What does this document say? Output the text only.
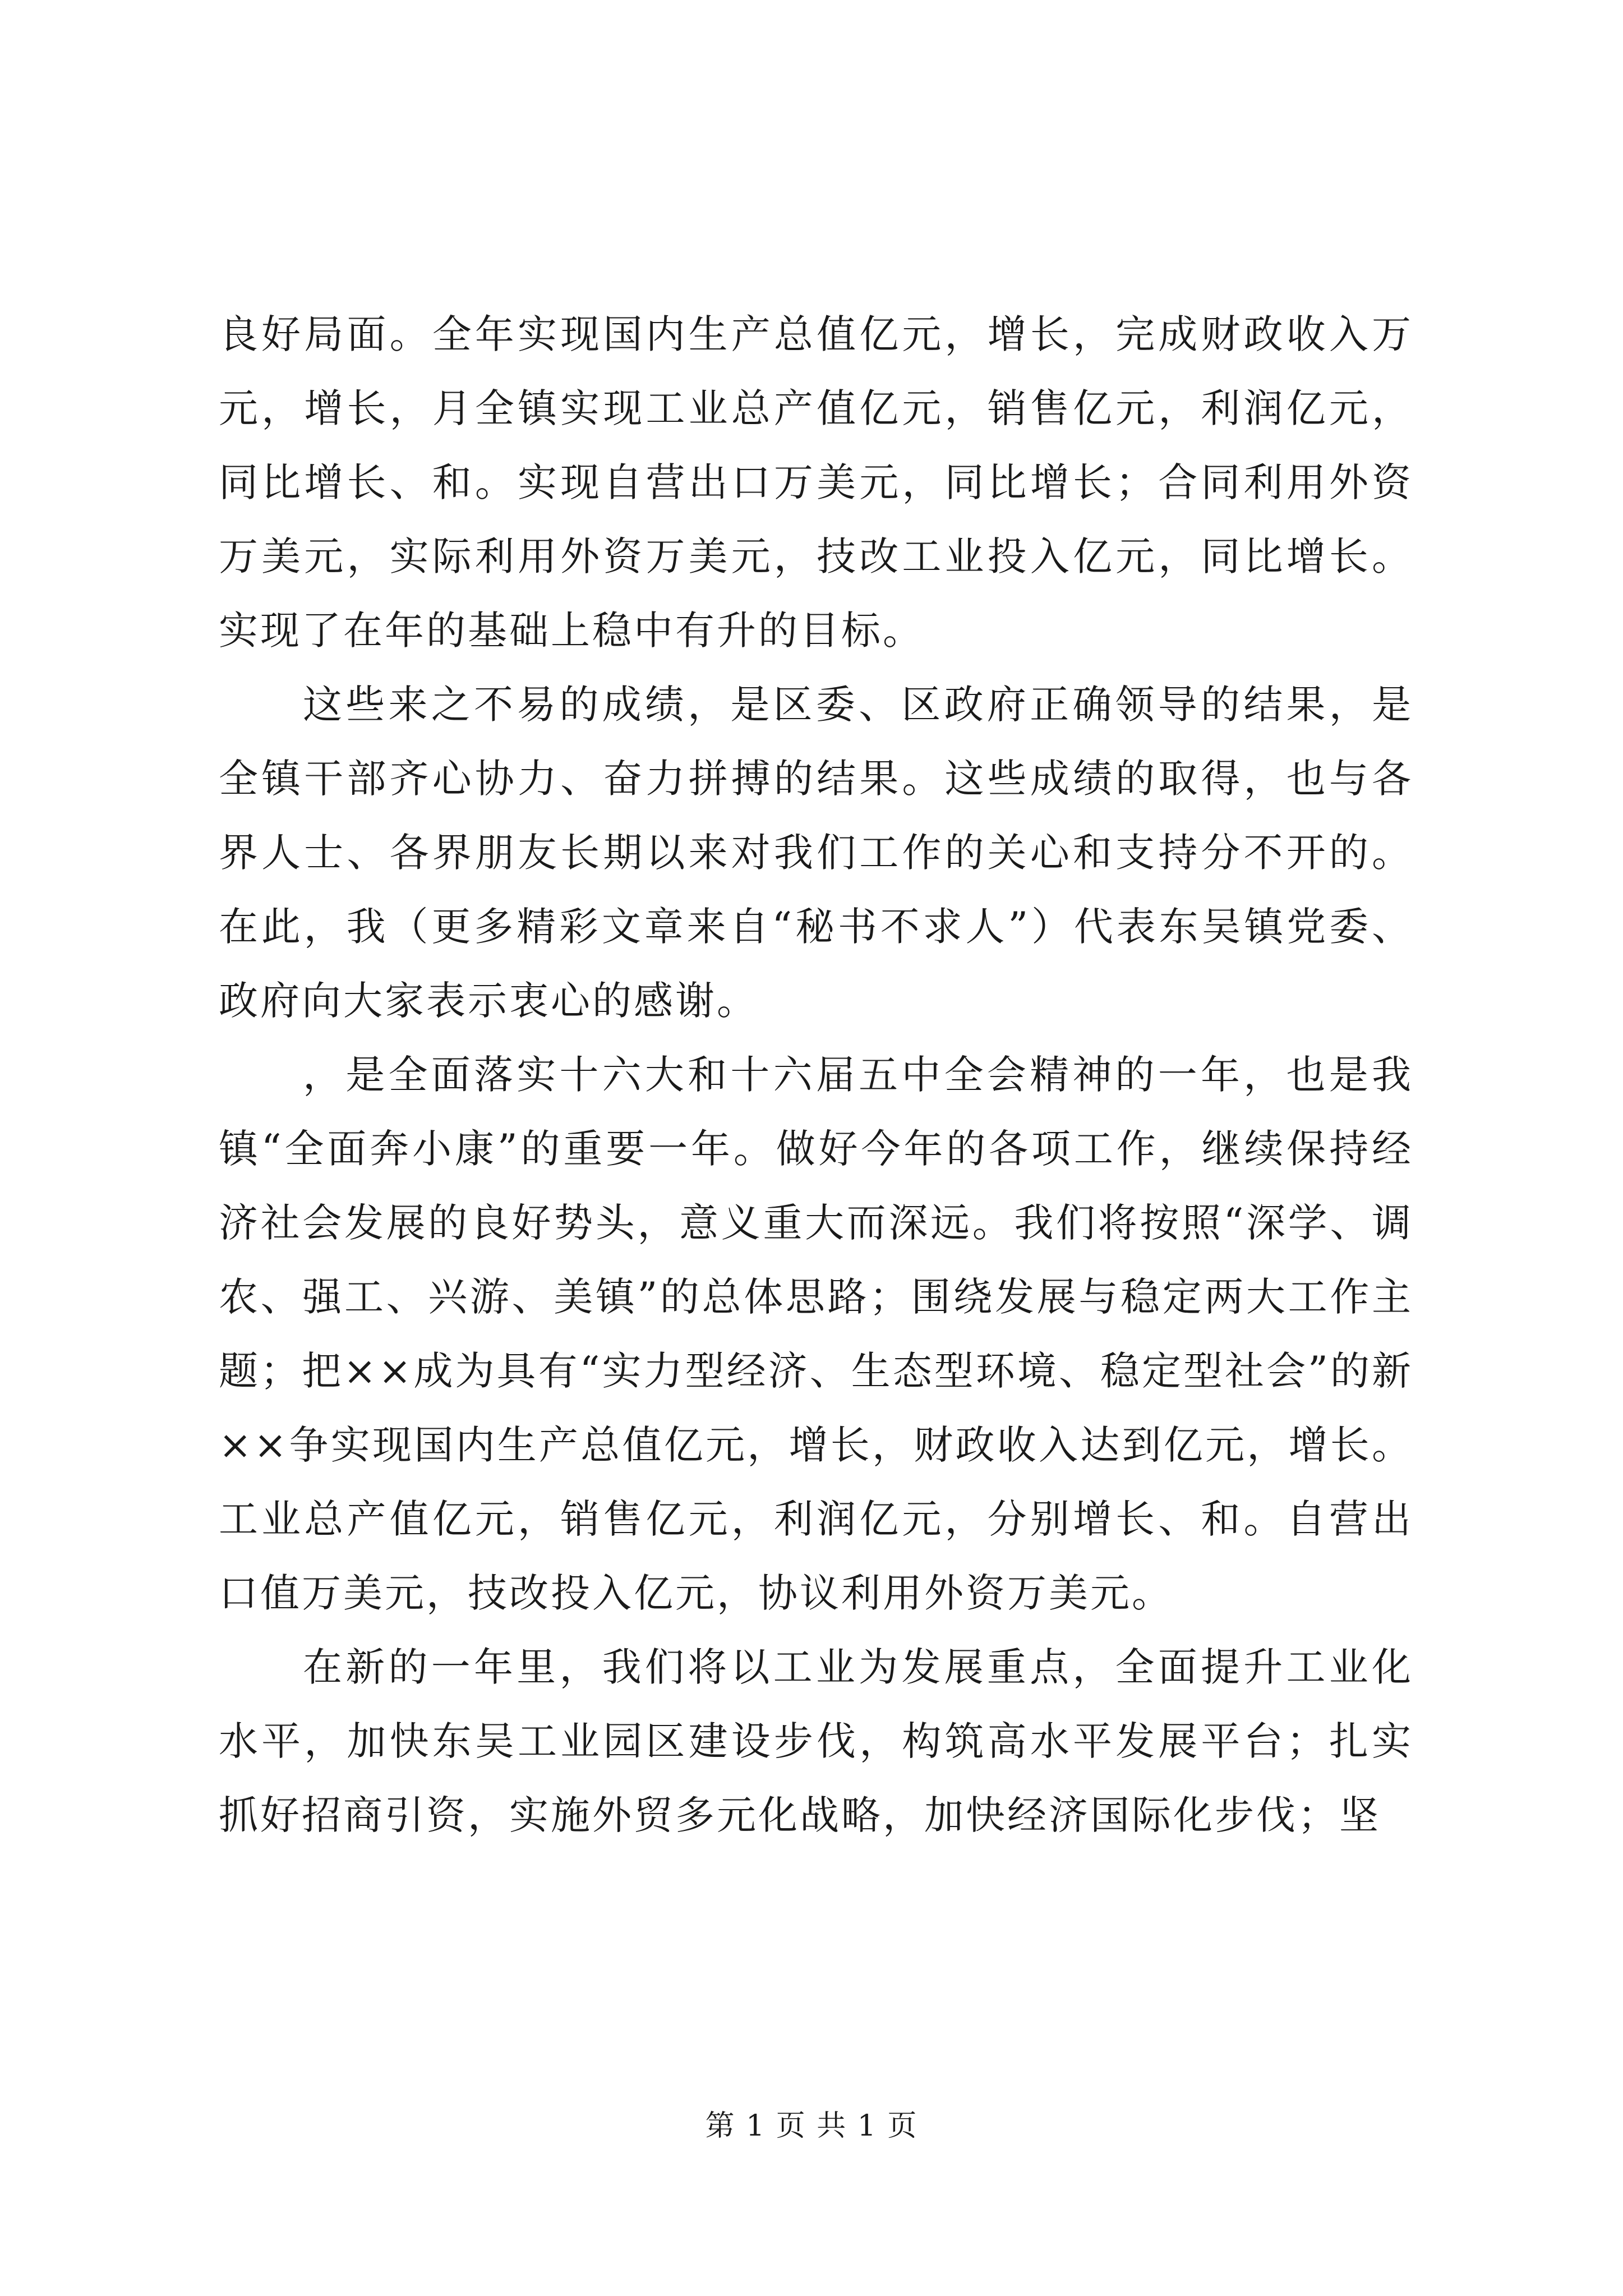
良好局面。全年实现国内生产总值亿元，增长，完成财政收入万元，增长，月全镇实现工业总产值亿元，销售亿元，利润亿元，同比增长、和。实现自营出口万美元，同比增长；合同利用外资万美元，实际利用外资万美元，技改工业投入亿元，同比增长。实现了在年的基础上稳中有升的目标。

这些来之不易的成绩，是区委、区政府正确领导的结果，是全镇干部齐心协力、奋力拼搏的结果。这些成绩的取得，也与各界人士、各界朋友长期以来对我们工作的关心和支持分不开的。在此，我（更多精彩文章来自“秘书不求人”）代表东吴镇党委、政府向大家表示衷心的感谢。

，是全面落实十六大和十六届五中全会精神的一年，也是我镇“全面奔小康”的重要一年。做好今年的各项工作，继续保持经济社会发展的良好势头，意义重大而深远。我们将按照“深学、调农、强工、兴游、美镇”的总体思路；围绕发展与稳定两大工作主题；把××成为具有“实力型经济、生态型环境、稳定型社会”的新××争实现国内生产总值亿元，增长，财政收入达到亿元，增长。工业总产值亿元，销售亿元，利润亿元，分别增长、和。自营出口值万美元，技改投入亿元，协议利用外资万美元。

在新的一年里，我们将以工业为发展重点，全面提升工业化水平，加快东吴工业园区建设步伐，构筑高水平发展平台；扎实抓好招商引资，实施外贸多元化战略，加快经济国际化步伐；坚

第 1 页 共 1 页
